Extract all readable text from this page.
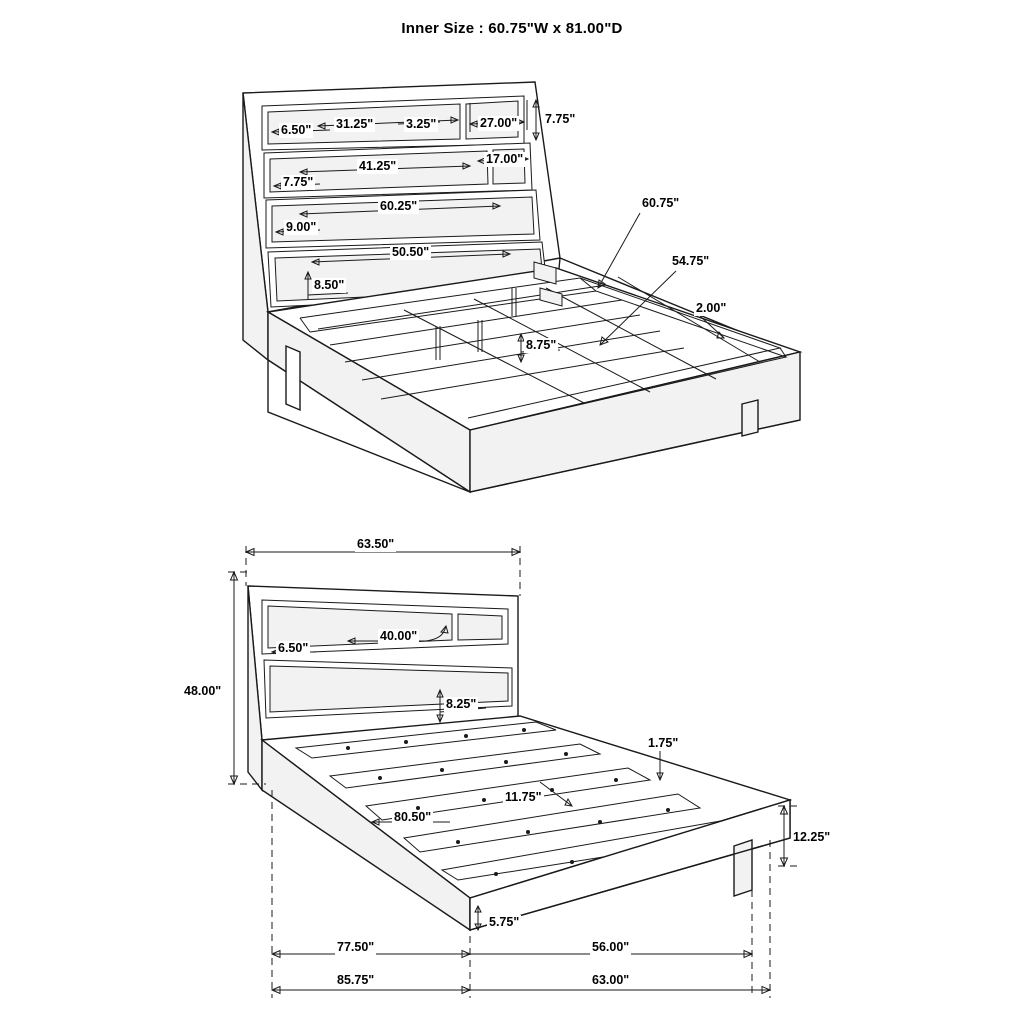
Inner Size : 60.75"W x 81.00"D
6.50" 31.25"	3.25"	27.00" 7.75"
17.00"
41.25"
7.75"
60.25"
9.00"
50.50"
8.50"
60.75"
54.75"
2.00"
8.75"
63.50"
48.00"
6.50"
40.00"
8.25"
1.75"
11.75"
80.50"
12.25"
5.75"
77.50"	56.00"
85.75"	63.00"
